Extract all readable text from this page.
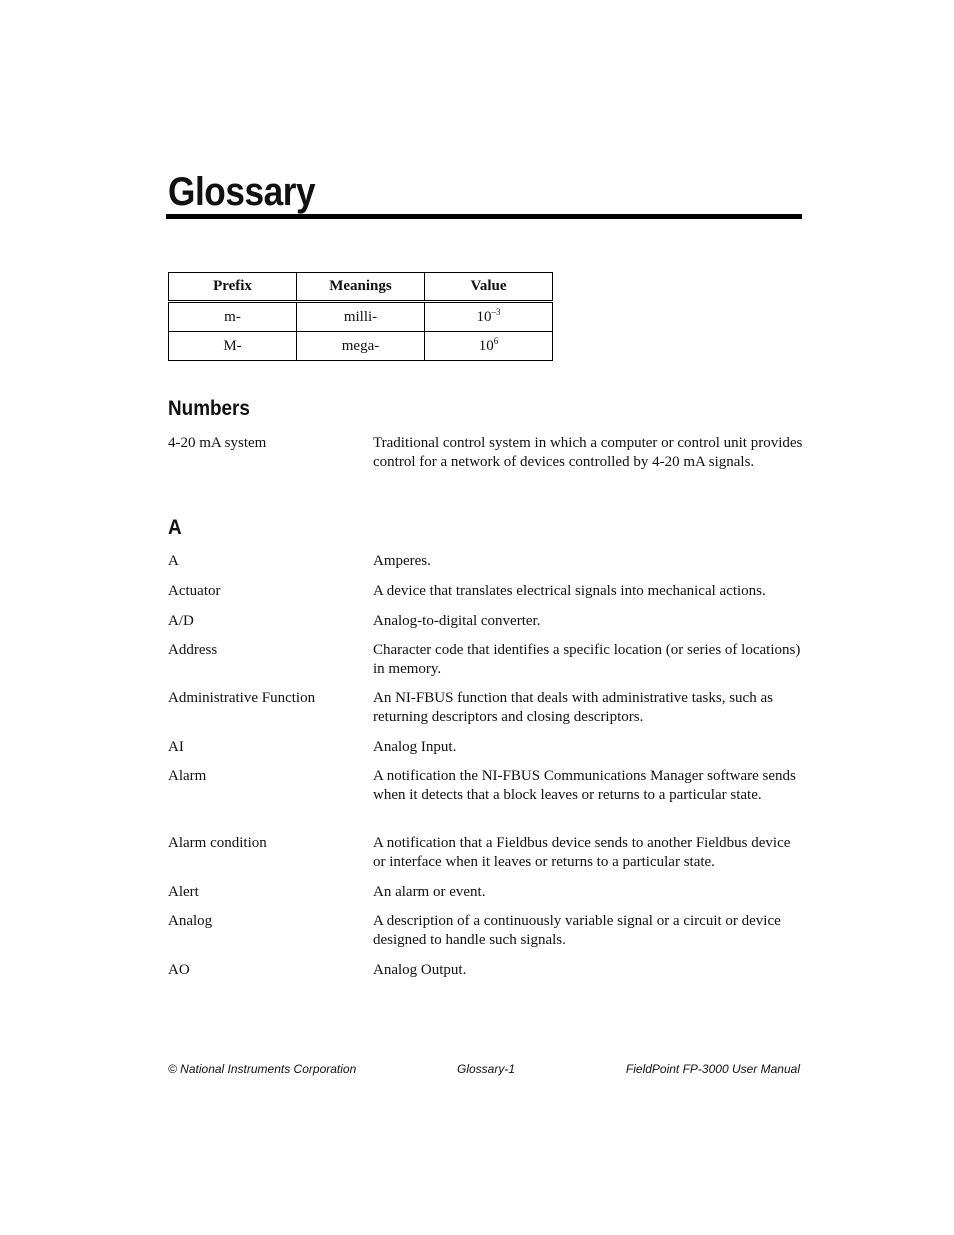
Glossary
Prefix	Meanings	Value
m-	milli-	$10^{-3}$
M-	mega-	$10^6$
Numbers
4-20 mA system	Traditional control system in which a computer or control unit provides control for a network of devices controlled by 4-20 mA signals.
A
A	Amperes.
Actuator	A device that translates electrical signals into mechanical actions.
A/D	Analog-to-digital converter.
Address	Character code that identifies a specific location (or series of locations) in memory.
Administrative Function	An NI-FBUS function that deals with administrative tasks, such as returning descriptors and closing descriptors.
AI	Analog Input.
Alarm	A notification the NI-FBUS Communications Manager software sends when it detects that a block leaves or returns to a particular state.
Alarm condition	A notification that a Fieldbus device sends to another Fieldbus device or interface when it leaves or returns to a particular state.
Alert	An alarm or event.
Analog	A description of a continuously variable signal or a circuit or device designed to handle such signals.
AO	Analog Output.
© National Instruments Corporation	Glossary-1	FieldPoint FP-3000 User Manual
